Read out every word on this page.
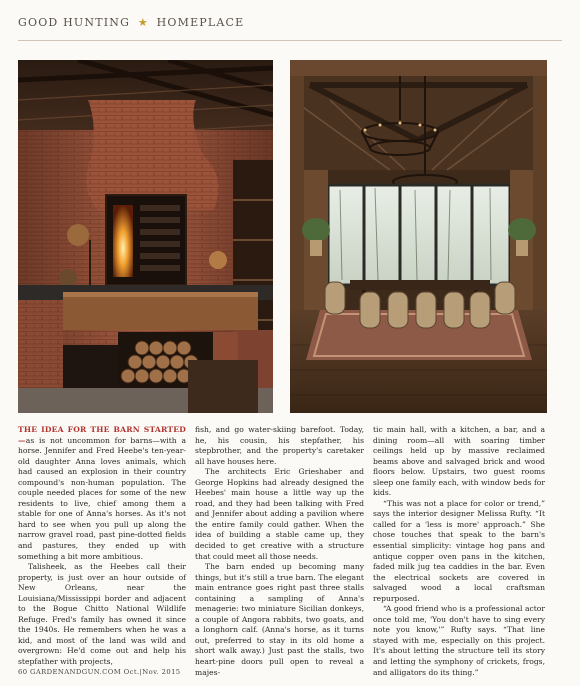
GOOD HUNTING ★ HOMEPLACE

THE IDEA FOR THE BARN STARTED—as is not uncommon for barns—with a horse. Jennifer and Fred Heebe's ten-year-old daughter Anna loves animals, which had caused an explosion in their country compound's non-human population. The couple needed places for some of the new residents to live, chief among them a stable for one of Anna's horses. As it's not hard to see when you pull up along the narrow gravel road, past pine-dotted fields and pastures, they ended up with something a bit more ambitious.

Talisheek, as the Heebes call their property, is just over an hour outside of New Orleans, near the Louisiana/Mississippi border and adjacent to the Bogue Chitto National Wildlife Refuge. Fred's family has owned it since the 1940s. He remembers when he was a kid, and most of the land was wild and overgrown: He'd come out and help his stepfather with projects,

fish, and go water-skiing barefoot. Today, he, his cousin, his stepfather, his stepbrother, and the property's caretaker all have houses here.

The architects Eric Grieshaber and George Hopkins had already designed the Heebes' main house a little way up the road, and they had been talking with Fred and Jennifer about adding a pavilion where the entire family could gather. When the idea of building a stable came up, they decided to get creative with a structure that could meet all those needs.

The barn ended up becoming many things, but it's still a true barn. The elegant main entrance goes right past three stalls containing a sampling of Anna's menagerie: two miniature Sicilian donkeys, a couple of Angora rabbits, two goats, and a longhorn calf. (Anna's horse, as it turns out, preferred to stay in its old home a short walk away.) Just past the stalls, two heart-pine doors pull open to reveal a majes-

tic main hall, with a kitchen, a bar, and a dining room—all with soaring timber ceilings held up by massive reclaimed beams above and salvaged brick and wood floors below. Upstairs, two guest rooms sleep one family each, with window beds for kids.

“This was not a place for color or trend,” says the interior designer Melissa Rufty. “It called for a 'less is more' approach.” She chose touches that speak to the barn's essential simplicity: vintage hog pans and antique copper oven pans in the kitchen, faded milk jug tea caddies in the bar. Even the electrical sockets are covered in salvaged wood a local craftsman repurposed.

“A good friend who is a professional actor once told me, 'You don't have to sing every note you know,'” Rufty says. “That line stayed with me, especially on this project. It's about letting the structure tell its story and letting the symphony of crickets, frogs, and alligators do its thing.”

60 GARDENANDGUN.COM Oct.|Nov. 2015
